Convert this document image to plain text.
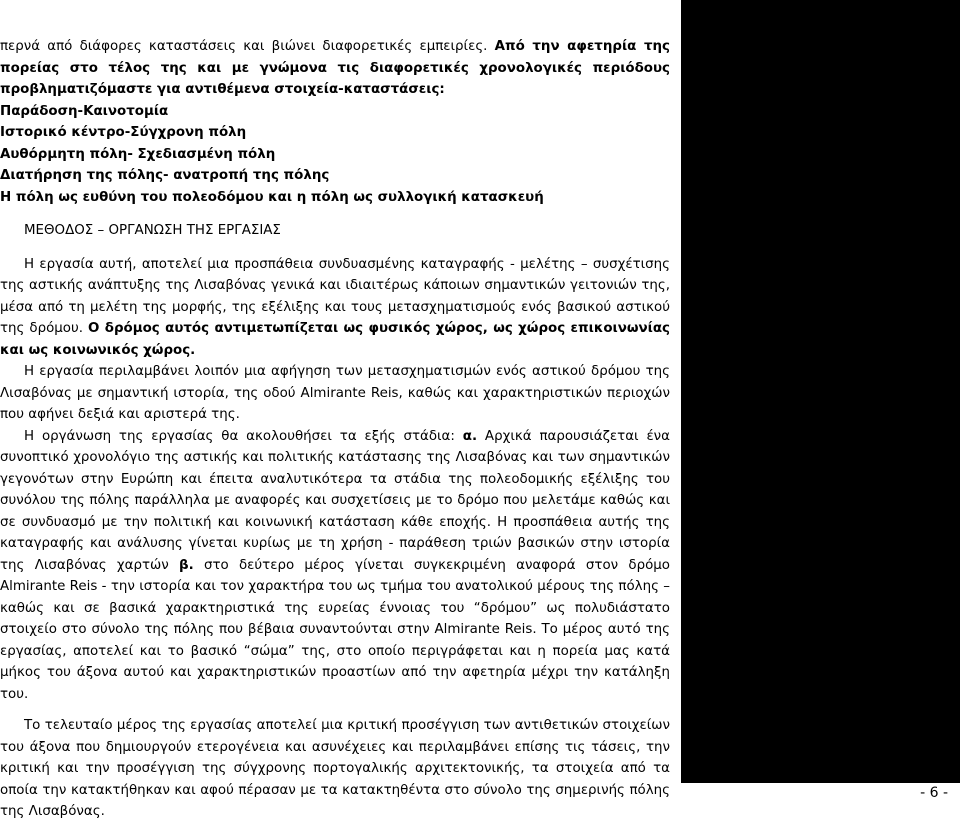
περνά από διάφορες καταστάσεις και βιώνει διαφορετικές εμπειρίες. Από την αφετηρία της πορείας στο τέλος της και με γνώμονα τις διαφορετικές χρονολογικές περιόδους προβληματιζόμαστε για αντιθέμενα στοιχεία-καταστάσεις:

Παράδοση-Καινοτομία
Ιστορικό κέντρο-Σύγχρονη πόλη
Αυθόρμητη πόλη- Σχεδιασμένη πόλη
Διατήρηση της πόλης- ανατροπή της πόλης
Η πόλη ως ευθύνη του πολεοδόμου και η πόλη ως συλλογική κατασκευή

ΜΕΘΟΔΟΣ – ΟΡΓΑΝΩΣΗ ΤΗΣ ΕΡΓΑΣΙΑΣ

Η εργασία αυτή, αποτελεί μια προσπάθεια συνδυασμένης καταγραφής - μελέτης – συσχέτισης της αστικής ανάπτυξης της Λισαβόνας γενικά και ιδιαιτέρως κάποιων σημαντικών γειτονιών της, μέσα από τη μελέτη της μορφής, της εξέλιξης και τους μετασχηματισμούς ενός βασικού αστικού της δρόμου. Ο δρόμος αυτός αντιμετωπίζεται ως φυσικός χώρος, ως χώρος επικοινωνίας και ως κοινωνικός χώρος.

Η εργασία περιλαμβάνει λοιπόν μια αφήγηση των μετασχηματισμών ενός αστικού δρόμου της Λισαβόνας με σημαντική ιστορία, της οδού Almirante Reis, καθώς και χαρακτηριστικών περιοχών που αφήνει δεξιά και αριστερά της.

Η οργάνωση της εργασίας θα ακολουθήσει τα εξής στάδια: α. Αρχικά παρουσιάζεται ένα συνοπτικό χρονολόγιο της αστικής και πολιτικής κατάστασης της Λισαβόνας και των σημαντικών γεγονότων στην Ευρώπη και έπειτα αναλυτικότερα τα στάδια της πολεοδομικής εξέλιξης του συνόλου της πόλης παράλληλα με αναφορές και συσχετίσεις με το δρόμο που μελετάμε καθώς και σε συνδυασμό με την πολιτική και κοινωνική κατάσταση κάθε εποχής. Η προσπάθεια αυτής της καταγραφής και ανάλυσης γίνεται κυρίως με τη χρήση - παράθεση τριών βασικών στην ιστορία της Λισαβόνας χαρτών β. στο δεύτερο μέρος γίνεται συγκεκριμένη αναφορά στον δρόμο Almirante Reis - την ιστορία και τον χαρακτήρα του ως τμήμα του ανατολικού μέρους της πόλης – καθώς και σε βασικά χαρακτηριστικά της ευρείας έννοιας του “δρόμου” ως πολυδιάστατο στοιχείο στο σύνολο της πόλης που βέβαια συναντούνται στην Almirante Reis. Το μέρος αυτό της εργασίας, αποτελεί και το βασικό “σώμα” της, στο οποίο περιγράφεται και η πορεία μας κατά μήκος του άξονα αυτού και χαρακτηριστικών προαστίων από την αφετηρία μέχρι την κατάληξη του.

Το τελευταίο μέρος της εργασίας αποτελεί μια κριτική προσέγγιση των αντιθετικών στοιχείων του άξονα που δημιουργούν ετερογένεια και ασυνέχειες και περιλαμβάνει επίσης τις τάσεις, την κριτική και την προσέγγιση της σύγχρονης πορτογαλικής αρχιτεκτονικής, τα στοιχεία από τα οποία την κατακτήθηκαν και αφού πέρασαν με τα κατακτηθέντα στο σύνολο της σημερινής πόλης της Λισαβόνας.

- 6 -
